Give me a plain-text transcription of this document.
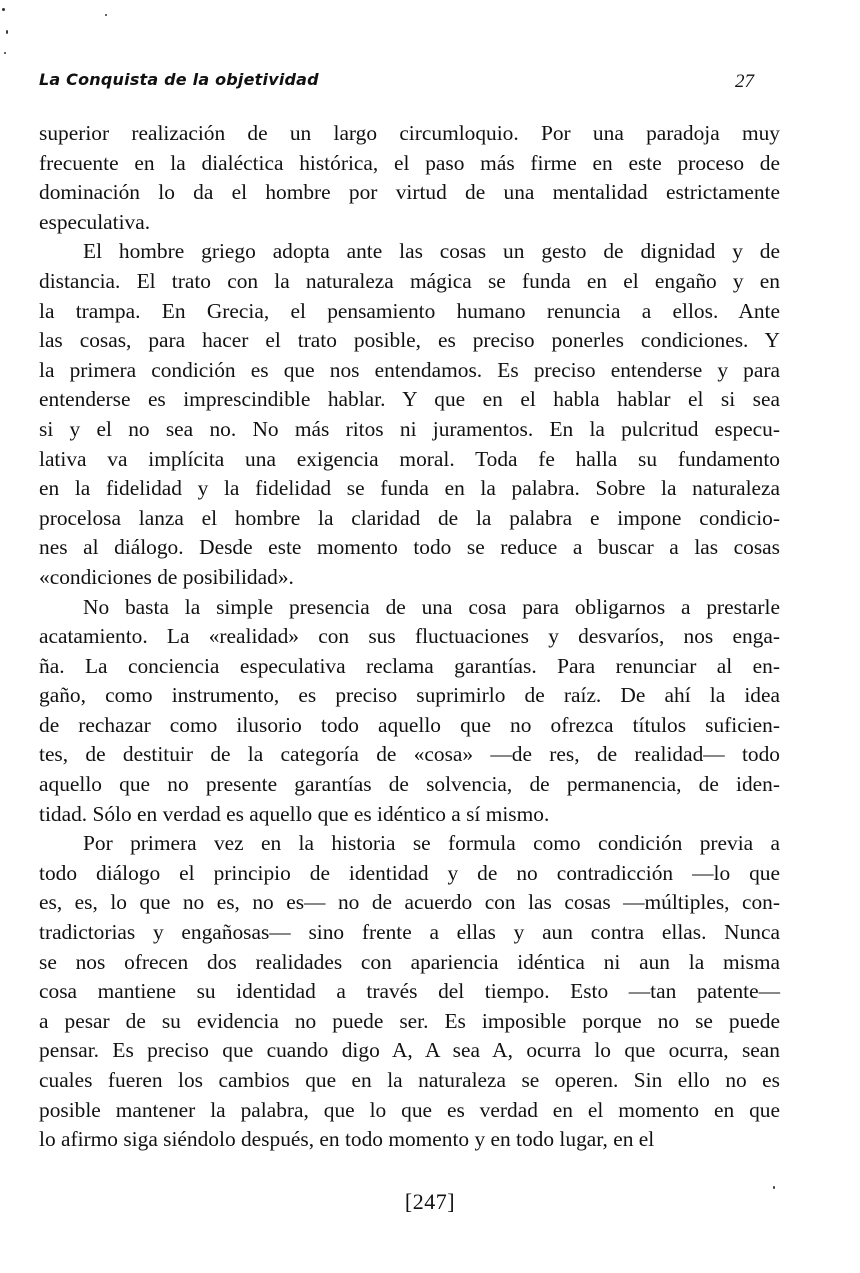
La Conquista de la objetividad	27
superior realización de un largo circumloquio. Por una paradoja muy
frecuente en la dialéctica histórica, el paso más firme en este proceso de
dominación lo da el hombre por virtud de una mentalidad estrictamente
especulativa.
El hombre griego adopta ante las cosas un gesto de dignidad y de
distancia. El trato con la naturaleza mágica se funda en el engaño y en
la trampa. En Grecia, el pensamiento humano renuncia a ellos. Ante
las cosas, para hacer el trato posible, es preciso ponerles condiciones. Y
la primera condición es que nos entendamos. Es preciso entenderse y para
entenderse es imprescindible hablar. Y que en el habla hablar el si sea
si y el no sea no. No más ritos ni juramentos. En la pulcritud especu-
lativa va implícita una exigencia moral. Toda fe halla su fundamento
en la fidelidad y la fidelidad se funda en la palabra. Sobre la naturaleza
procelosa lanza el hombre la claridad de la palabra e impone condicio-
nes al diálogo. Desde este momento todo se reduce a buscar a las cosas
«condiciones de posibilidad».
No basta la simple presencia de una cosa para obligarnos a prestarle
acatamiento. La «realidad» con sus fluctuaciones y desvaríos, nos enga-
ña. La conciencia especulativa reclama garantías. Para renunciar al en-
gaño, como instrumento, es preciso suprimirlo de raíz. De ahí la idea
de rechazar como ilusorio todo aquello que no ofrezca títulos suficien-
tes, de destituir de la categoría de «cosa» —de res, de realidad— todo
aquello que no presente garantías de solvencia, de permanencia, de iden-
tidad. Sólo en verdad es aquello que es idéntico a sí mismo.
Por primera vez en la historia se formula como condición previa a
todo diálogo el principio de identidad y de no contradicción —lo que
es, es, lo que no es, no es— no de acuerdo con las cosas —múltiples, con-
tradictorias y engañosas— sino frente a ellas y aun contra ellas. Nunca
se nos ofrecen dos realidades con apariencia idéntica ni aun la misma
cosa mantiene su identidad a través del tiempo. Esto —tan patente—
a pesar de su evidencia no puede ser. Es imposible porque no se puede
pensar. Es preciso que cuando digo A, A sea A, ocurra lo que ocurra, sean
cuales fueren los cambios que en la naturaleza se operen. Sin ello no es
posible mantener la palabra, que lo que es verdad en el momento en que
lo afirmo siga siéndolo después, en todo momento y en todo lugar, en el
[247]
